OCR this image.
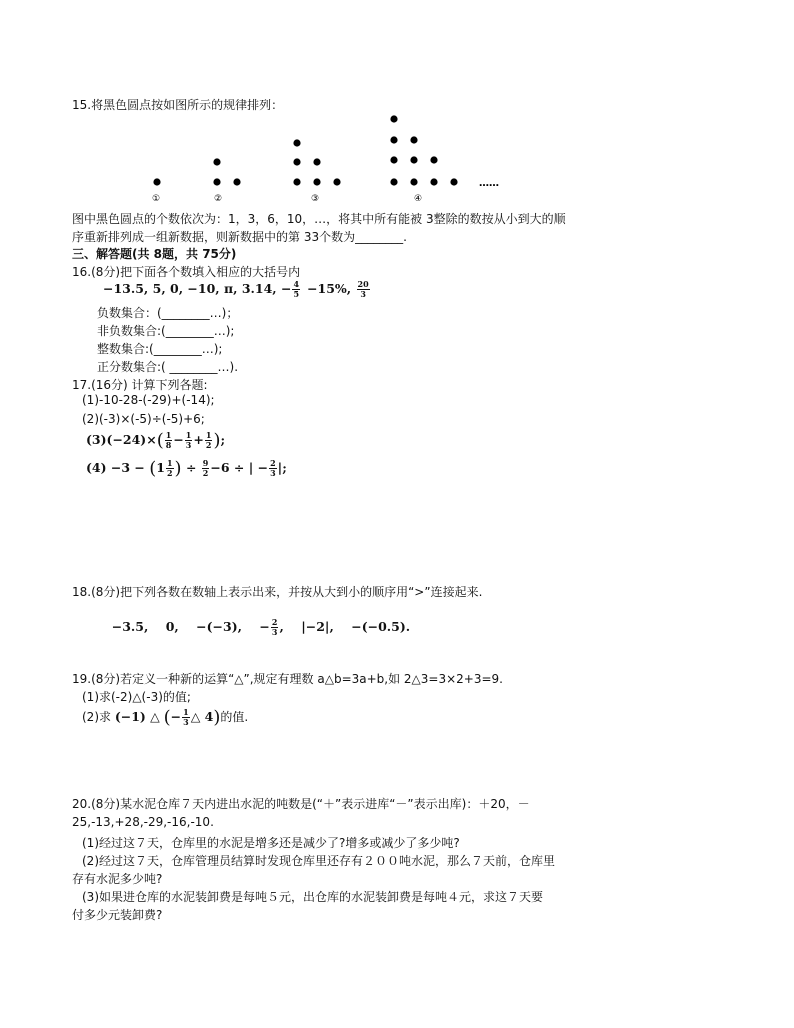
15.将黑色圆点按如图所示的规律排列：
①	②	③	④
……
图中黑色圆点的个数依次为：1，3，6，10，…，将其中所有能被 3整除的数按从小到大的顺
序重新排列成一组新数据，则新数据中的第 33个数为________.
三、解答题(共 8题，共 75分)
16.(8分)把下面各个数填入相应的大括号内
−13.5, 5, 0, −10, π, 3.14, − $\frac{4}{5} -15\%$, $\frac{20}{3}$
负数集合：(________…)；
非负数集合:(________…);
整数集合:(________…);
正分数集合:( ________…).
17.(16分) 计算下列各题:
(1)-10-28-(-29)+(-14);
(2)(-3)×(-5)÷(-5)+6;
$(3)(-24)\times( \frac{1}{8} - \frac{1}{3} + \frac{1}{2}$ );
$(4) -3 - (1 \frac{1}{2}$ ) ÷ $\frac{9}{2} -6$ ÷ | − $\frac{2}{3}$ |;
18.(8分)把下列各数在数轴上表示出来，并按从大到小的顺序用“>”连接起来.

−3.5,    0,    −(−3),    − $\frac{2}{3}$ ,    |−2|,    −(−0.5).

19.(8分)若定义一种新的运算“△”,规定有理数 a△b=3a+b,如 2△3=3×2+3=9.
(1)求(-2)△(-3)的值;
(2)求 (−1) △ (− $\frac{1}{3}$ △ 4)的值.
20.(8分)某水泥仓库７天内进出水泥的吨数是(“＋”表示进库“－”表示出库)：＋20，－
25,-13,+28,-29,-16,-10.
(1)经过这７天，仓库里的水泥是增多还是减少了?增多或减少了多少吨?
(2)经过这７天，仓库管理员结算时发现仓库里还存有２００吨水泥，那么７天前，仓库里
存有水泥多少吨?
(3)如果进仓库的水泥装卸费是每吨５元，出仓库的水泥装卸费是每吨４元，求这７天要
付多少元装卸费?
